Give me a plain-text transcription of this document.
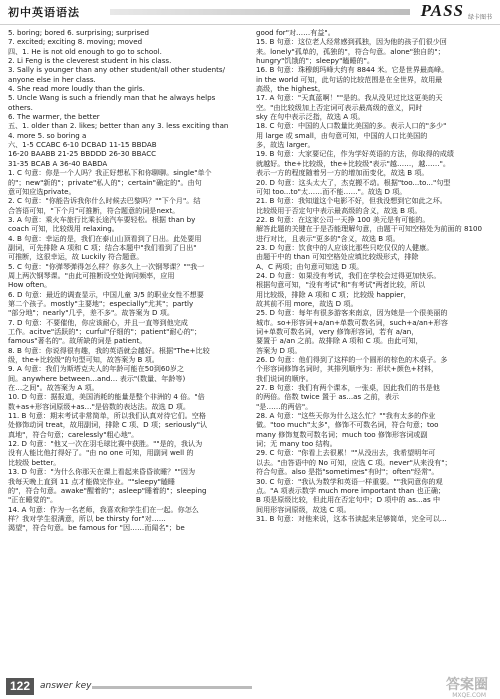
初中英语语法	PASS 绿卡图书
5. boring; bored 6. surprising; surprised
7. excited; exciting 8. moving; moved
四、1. He is not old enough to go to school.
2. Li Feng is the cleverest student in his class.
3. Sally is younger than any other student/all other students/
anyone else in her class.
4. She read more loudly than the girls.
5. Uncle Wang is such a friendly man that he always helps
others.
6. The warmer, the better
五、1. older than 2. likes; better than any 3. less exciting than
4. more 5. so boring a
六、1-5 CCABC 6-10 DCBAD 11-15 BBDAB
16-20 BAABB 21-25 BBDDD 26-30 BBACC
31-35 BCAB A 36-40 BABDA
1. C 句意：你是一个人吗？我正好想私下和你聊聊。single"单个
的"；new"新的"；private"私人的"；certain"确定的"。由句
意可知应选private。
2. C 句意："你能告诉我你什么时候去巴黎吗？""下个月"。结
合答语可知，"下个月"可推断，符合题意的词是next。
3. A 句意：乘火车旅行比乘长途汽车要轻松。根据 than by
coach 可知，比较级用 relaxing。
4. B 句意：幸运的是，我们在泰山山顶看到了日出。此处要用
副词，可先排除 A 项和 C 项；结合本题中"我们看到了日出"
可推断，这很幸运，故 Luckily 符合题意。
5. C 句意："你弹琴弹得怎么样？你多久上一次钢琴课？""我一
周上两次钢琴课。"由此可推断设空处询问频率，应用
How often。
6. D 句意：最近的调查显示，中国儿童 3/5 的职业女性不想要
第二个孩子。mostly"主要地"；especially"尤其"；partly
"部分地"；nearly"几乎，差不多"。故答案为 D 项。
7. D 句意：不要催他，你应该耐心，并且一直等到他完成
工作。acitve"活跃的"；curful"仔细的"；patient"耐心的"；
famous"著名的"。故所缺的词是 patient。
8. B 句意：你说得很有趣，我的英语就会越好。根据"The+比较
级，the+比较级"的句型可知，故答案为 B 项。
9. A 句意：我们为斯塔克夫人的年龄可能在50到60岁之
间。anywhere between…and… 表示"(数量、年龄等)
在…之间"。故答案为 A 项。
10. D 句意：据报道，美国消耗的能量是整个非洲的 4 倍。"倍
数+as+形容词原级+as…"是倍数的表达法。故选 D 项。
11. B 句意：期末考试非常简单，所以我们认真对待它们。空格
处修饰动词 treat，故用副词，排除 C 项、D 项；seriously"认
真地"，符合句意；carelessly"粗心地"。
12. D 句意："他又一次在羽毛球比赛中获胜。""是的，我认为
没有人能比他打得好了。"由 no one 可知，用副词 well 的
比较级 better。
13. D 句意："为什么你那天在课上看起来昏昏欲睡？""因为
我每天晚上直到 11 点才能做完作业。""sleepy"瞌睡
的"，符合句意。awake"醒着的"；asleep"睡着的"；sleeping
"正在睡觉的"。
14. A 句意：作为一名老师，我喜欢和学生们在一起。你怎么
样？我对学生很满意，所以 be thirsty for"对……
渴望"，符合句意。be famous for "因……而闻名"；be
good for"对……有益"。
15. B 句意：这位老人经常感到孤独，因为他的孩子们很少回
来。lonely"孤单的，孤独的"，符合句意。alone"独自的"；
hungry"饥饿的"；sleepy"瞌睡的"。
16. B 句意：珠穆朗玛峰大约有 8844 米。它是世界最高峰。
in the world 可知，此句话的比较范围是在全世界，故用最
高级，the highest。
17. A 句意："天真蓝啊！""是的。我从没见过比这更美的天
空。"由比较级加上否定词可表示最高级的意义，同时
sky 在句中表示泛指，故选 A 项。
18. C 句意：中国的人口数量比美国的多。表示人口的"多少"
用 large 或 small，由句意可知，中国的人口比美国的
多，故选 larger。
19. B 句意：大家要记住，作为学好英语的方法，你取得的成绩
就越好。the+比较级，the+比较级"表示"越……，越……"。
表示一方的程度随着另一方的增加而变化，故选 B 项。
20. D 句意：这头太大了，杰克搬不动。根据"too...to..."句型
可知 too...to"太……而不能……"。故选 D 项。
21. B 句意：我知道这个电影不好，但我没想到它如此之坏。
比较级用于否定句中表示最高级的含义，故选 B 项。
22. B 句意：在这家公司一天挣 100 美元是有可能的。
解答此题的关键在于是否能理解句意，由题干可知空格处为前面的 8100
进行对比，且表示"更多的"含义，故选 B 项。
23. D 句意：饮食中的人应该比那些只吃仅仅的人健康。
由题干中的 than 可知空格处应填比较级形式，排除
A、C 两项；由句意可知选 D 项。
24. D 句意：如果没有考试，我们在学校会过得更加快乐。
根据句意可知，"没有考试"和"有考试"两者比较，所以
用比较级，排除 A 项和 C 项；比较级 happier，
故其前不用 more，故选 D 项。
25. D 句意：每年有很多游客来南京，因为她是一个很美丽的
城市。so+形容词+a/an+单数可数名词，such+a/an+形容
词+单数可数名词，very 修饰形容词，若有 a/an，
要置于 a/an 之前。故排除 A 项和 C 项。由此可知，
答案为 D 项。
26. D 句意：他们得到了这样的一个圆形的棕色的木桌子。多
个形容词修饰名词时，其排列顺序为：形状+颜色+材料，
我们说词的顺序。
27. B 句意：我们有两个课本，一张桌，因此我们的书是他
的两倍。倍数 twice 置于 as...as 之前，表示
"是……的两倍"。
28. A 句意："这些天你为什么这么忙？""我有太多的作业
做。"too much"太多"，修饰不可数名词，符合句意；too
many 修饰复数可数名词；much too 修饰形容词或副
词；无 many too 结构。
29. C 句意："你看上去很累！""从没出去，我希望明年可
以去。"由答语中的 No 可知，应选 C 项。never"从来没有"；
符合句意。also 是指"sometimes"有时"；often"经常"。
30. C 句意："我认为数学和英语一样重要。""我同意你的观
点。"A 项表示数学 much more important than 也正确；
B 项是原级比较，但此用在否定句中；D 项中的 as...as 中
间用形容词原级，故选 C 项。
31. B 句意：对他来说，这本书读起来足够简单，完全可以...
122	answer key	答案圈
MXQE.COM
